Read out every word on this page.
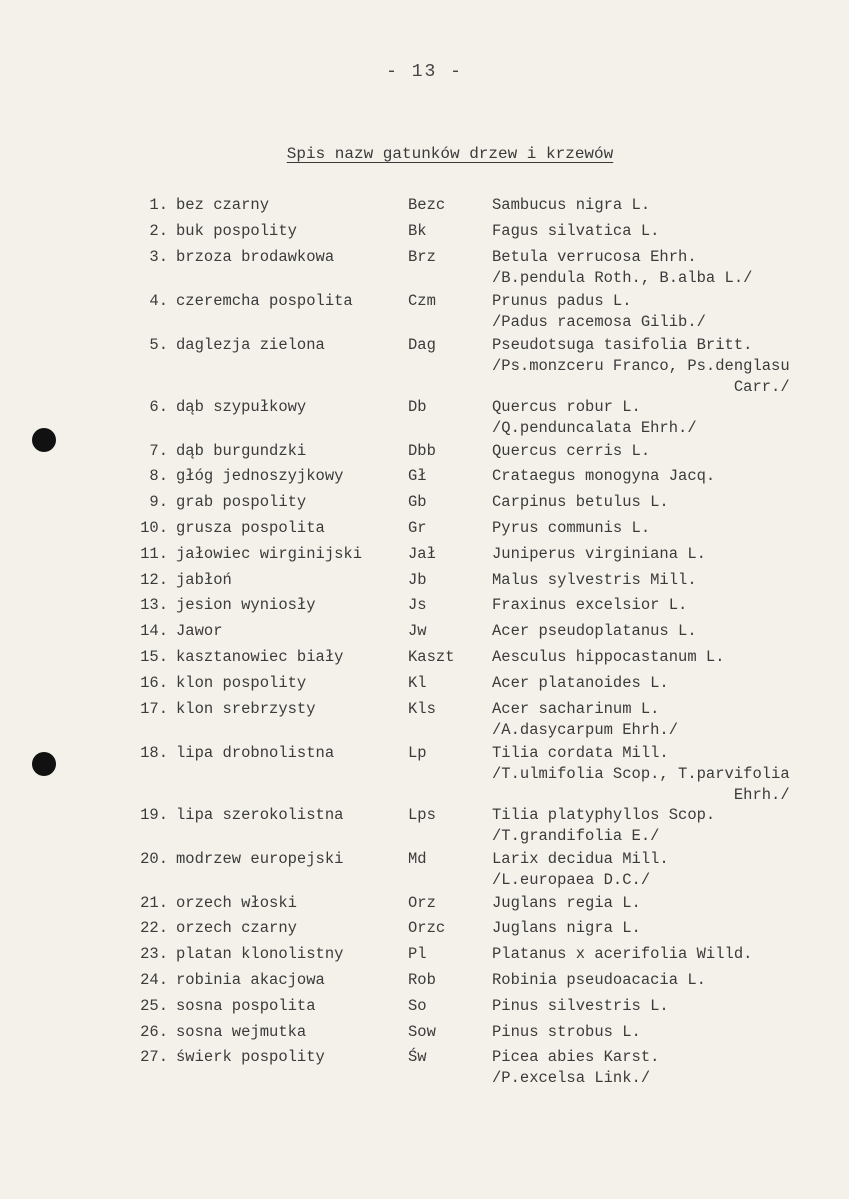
- 13 -
Spis nazw gatunków drzew i krzewów
1. bez czarny	Bezc	Sambucus nigra L.
2. buk pospolity	Bk	Fagus silvatica L.
3. brzoza brodawkowa	Brz	Betula verrucosa Ehrh.
/B.pendula Roth., B.alba L./
4. czeremcha pospolita	Czm	Prunus padus L.
/Padus racemosa Gilib./
5. daglezja zielona	Dag	Pseudotsuga tasifolia Britt.
/Ps.monzceru Franco, Ps.denglasu
Carr./
6. dąb szypułkowy	Db	Quercus robur L.
/Q.penduncalata Ehrh./
7. dąb burgundzki	Dbb	Quercus cerris L.
8. głóg jednoszyjkowy	Gł	Crataegus monogyna Jacq.
9. grab pospolity	Gb	Carpinus betulus L.
10. grusza pospolita	Gr	Pyrus communis L.
11. jałowiec wirginijski	Jał	Juniperus virginiana L.
12. jabłoń	Jb	Malus sylvestris Mill.
13. jesion wyniosły	Js	Fraxinus excelsior L.
14. Jawor	Jw	Acer pseudoplatanus L.
15. kasztanowiec biały	Kaszt Aesculus hippocastanum L.
16. klon pospolity	Kl	Acer platanoides L.
17. klon srebrzysty	Kls	Acer sacharinum L.
/A.dasycarpum Ehrh./
18. lipa drobnolistna	Lp	Tilia cordata Mill.
/T.ulmifolia Scop., T.parvifolia
Ehrh./
19. lipa szerokolistna	Lps	Tilia platyphyllos Scop.
/T.grandifolia E./
20. modrzew europejski	Md	Larix decidua Mill.
/L.europaea D.C./
21. orzech włoski	Orz	Juglans regia L.
22. orzech czarny	Orzc	Juglans nigra L.
23. platan klonolistny	Pl	Platanus x acerifolia Willd.
24. robinia akacjowa	Rob	Robinia pseudoacacia L.
25. sosna pospolita	So	Pinus silvestris L.
26. sosna wejmutka	Sow	Pinus strobus L.
27. świerk pospolity	Św	Picea abies Karst.
/P.excelsa Link./
